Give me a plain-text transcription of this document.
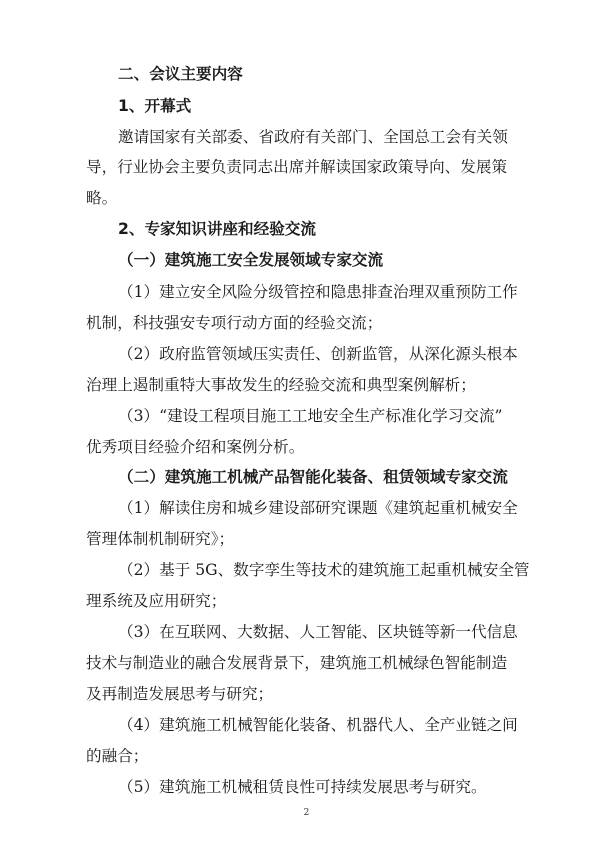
二、会议主要内容
1、开幕式
邀请国家有关部委、省政府有关部门、全国总工会有关领
导，行业协会主要负责同志出席并解读国家政策导向、发展策
略。
2、专家知识讲座和经验交流
（一）建筑施工安全发展领域专家交流
（1）建立安全风险分级管控和隐患排查治理双重预防工作
机制，科技强安专项行动方面的经验交流；
（2）政府监管领域压实责任、创新监管，从深化源头根本
治理上遏制重特大事故发生的经验交流和典型案例解析；
（3）“建设工程项目施工工地安全生产标准化学习交流”
优秀项目经验介绍和案例分析。
（二）建筑施工机械产品智能化装备、租赁领域专家交流
（1）解读住房和城乡建设部研究课题《建筑起重机械安全
管理体制机制研究》；
（2）基于 5G、数字孪生等技术的建筑施工起重机械安全管
理系统及应用研究；
（3）在互联网、大数据、人工智能、区块链等新一代信息
技术与制造业的融合发展背景下，建筑施工机械绿色智能制造
及再制造发展思考与研究；
（4）建筑施工机械智能化装备、机器代人、全产业链之间
的融合；
（5）建筑施工机械租赁良性可持续发展思考与研究。
2
